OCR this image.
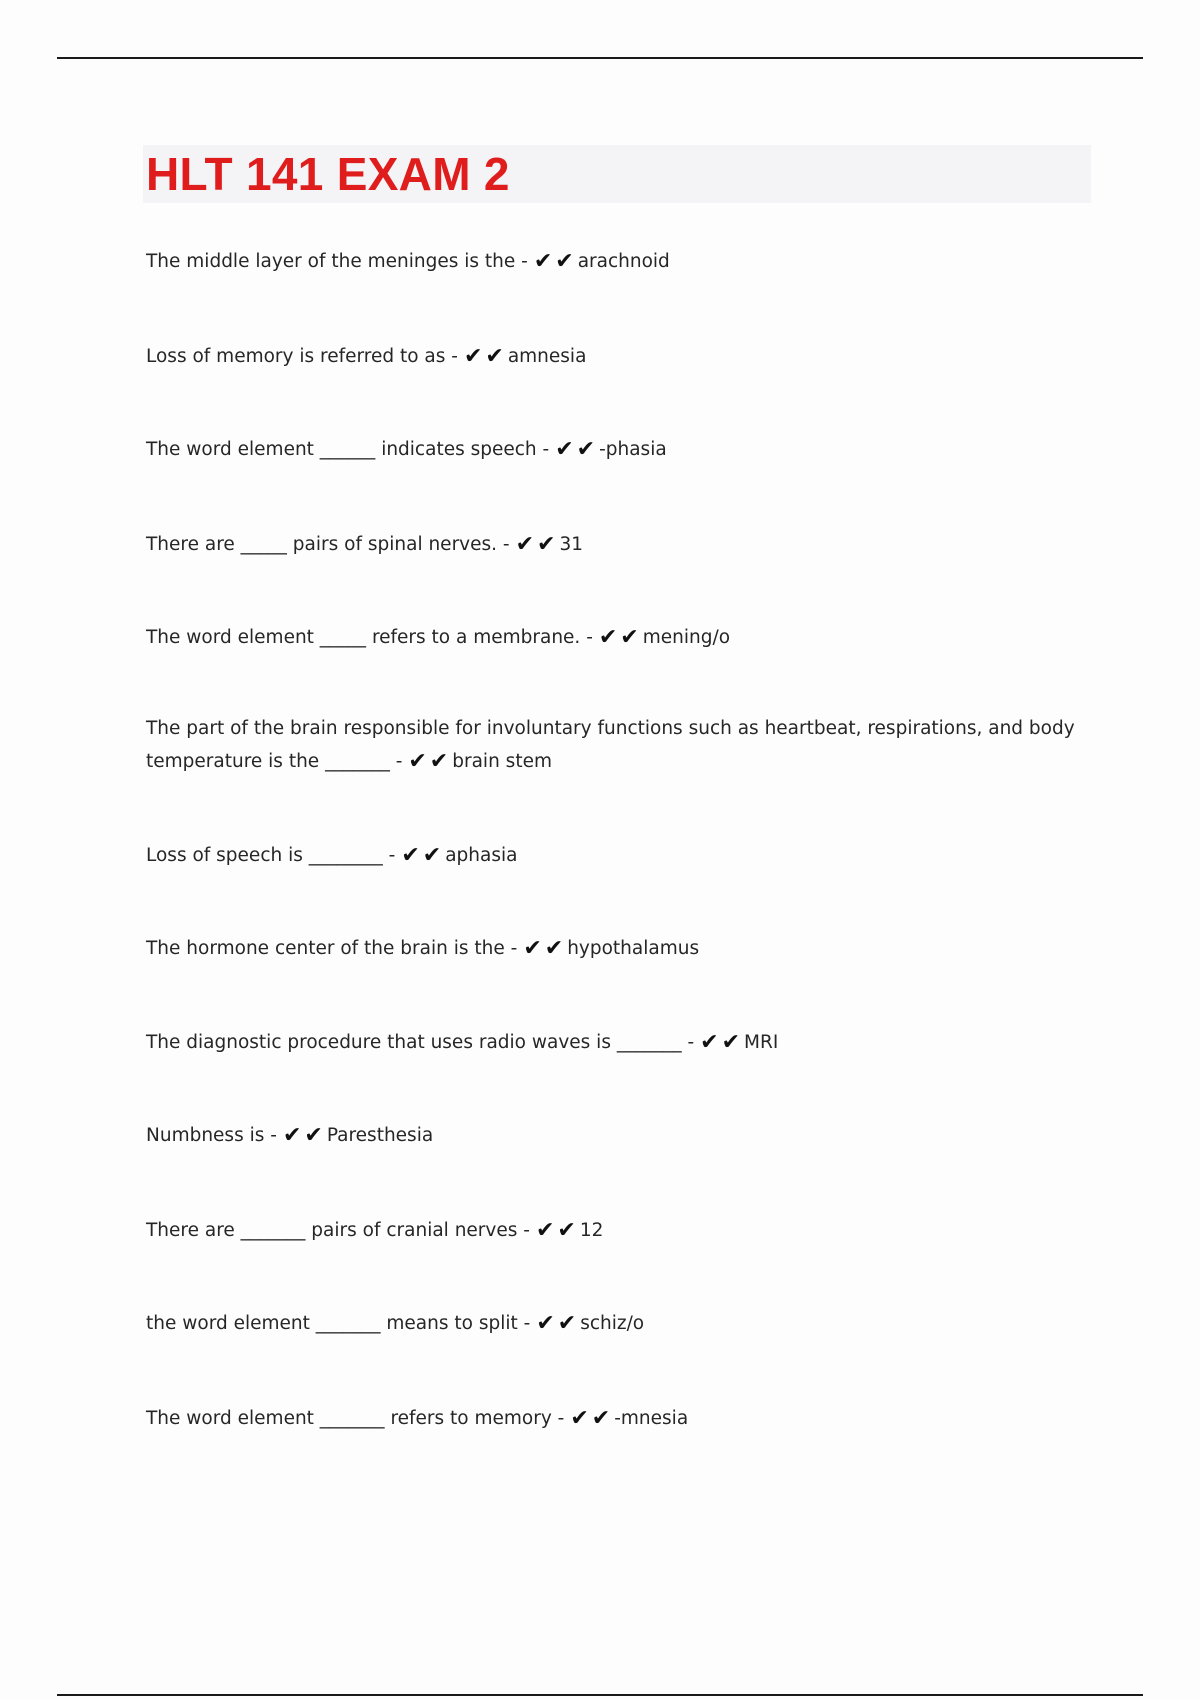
HLT 141 EXAM 2

The middle layer of the meninges is the - ✔✔arachnoid

Loss of memory is referred to as - ✔✔amnesia

The word element ______ indicates speech - ✔✔-phasia

There are _____ pairs of spinal nerves. - ✔✔31

The word element _____ refers to a membrane. - ✔✔mening/o

The part of the brain responsible for involuntary functions such as heartbeat, respirations, and body temperature is the _______ - ✔✔brain stem

Loss of speech is ________ - ✔✔aphasia

The hormone center of the brain is the - ✔✔hypothalamus

The diagnostic procedure that uses radio waves is _______ - ✔✔MRI

Numbness is - ✔✔Paresthesia

There are _______ pairs of cranial nerves - ✔✔12

the word element _______ means to split - ✔✔schiz/o

The word element _______ refers to memory - ✔✔-mnesia
